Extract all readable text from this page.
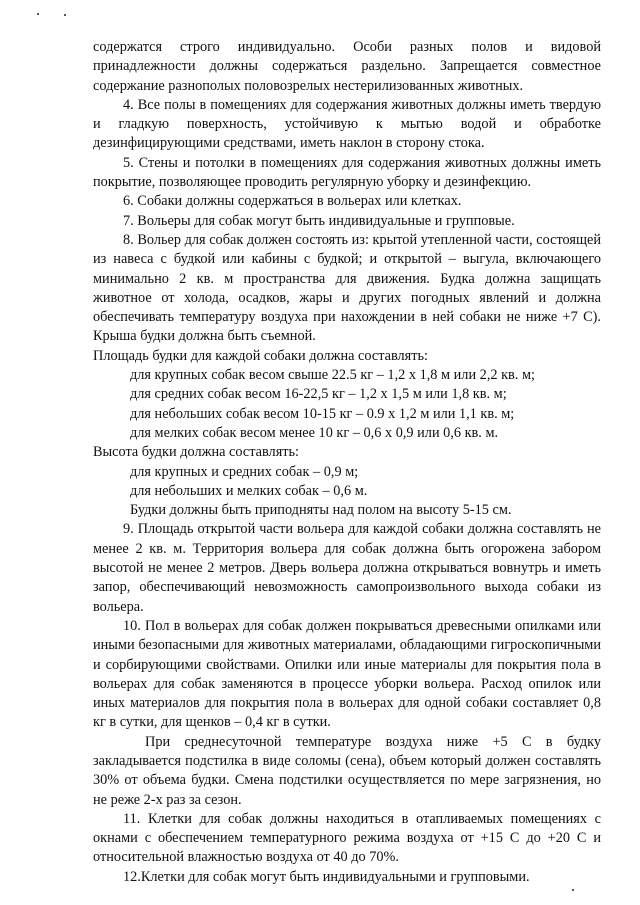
содержатся строго индивидуально. Особи разных полов и видовой принадлежности должны содержаться раздельно. Запрещается совместное содержание разнополых половозрелых нестерилизованных животных.

4. Все полы в помещениях для содержания животных должны иметь твердую и гладкую поверхность, устойчивую к мытью водой и обработке дезинфицирующими средствами, иметь наклон в сторону стока.

5. Стены и потолки в помещениях для содержания животных должны иметь покрытие, позволяющее проводить регулярную уборку и дезинфекцию.

6. Собаки должны содержаться в вольерах или клетках.

7. Вольеры для собак могут быть индивидуальные и групповые.

8. Вольер для собак должен состоять из: крытой утепленной части, состоящей из навеса с будкой или кабины с будкой; и открытой – выгула, включающего минимально 2 кв. м пространства для движения. Будка должна защищать животное от холода, осадков, жары и других погодных явлений и должна обеспечивать температуру воздуха при нахождении в ней собаки не ниже +7 С). Крыша будки должна быть съемной.

Площадь будки для каждой собаки должна составлять:

для крупных собак весом свыше 22.5 кг – 1,2 х 1,8 м или 2,2 кв. м;

для средних собак весом 16-22,5 кг – 1,2 х 1,5 м или 1,8 кв. м;

для небольших собак весом 10-15 кг – 0.9 х 1,2 м или 1,1 кв. м;

для мелких собак весом менее 10 кг – 0,6 х 0,9 или 0,6 кв. м.

Высота будки должна составлять:

для крупных и средних собак – 0,9 м;

для небольших и мелких собак – 0,6 м.

Будки должны быть приподняты над полом на высоту 5-15 см.

9. Площадь открытой части вольера для каждой собаки должна составлять не менее 2 кв. м. Территория вольера для собак должна быть огорожена забором высотой не менее 2 метров. Дверь вольера должна открываться вовнутрь и иметь запор, обеспечивающий невозможность самопроизвольного выхода собаки из вольера.

10. Пол в вольерах для собак должен покрываться древесными опилками или иными безопасными для животных материалами, обладающими гигроскопичными и сорбирующими свойствами. Опилки или иные материалы для покрытия пола в вольерах для собак заменяются в процессе уборки вольера. Расход опилок или иных материалов для покрытия пола в вольерах для одной собаки составляет 0,8 кг в сутки, для щенков – 0,4 кг в сутки.

При среднесуточной температуре воздуха ниже +5 С в будку закладывается подстилка в виде соломы (сена), объем который должен составлять 30% от объема будки. Смена подстилки осуществляется по мере загрязнения, но не реже 2-х раз за сезон.

11. Клетки для собак должны находиться в отапливаемых помещениях с окнами с обеспечением температурного режима воздуха от +15 С до +20 С и относительной влажностью воздуха от 40 до 70%.

12.Клетки для собак могут быть индивидуальными и групповыми.
